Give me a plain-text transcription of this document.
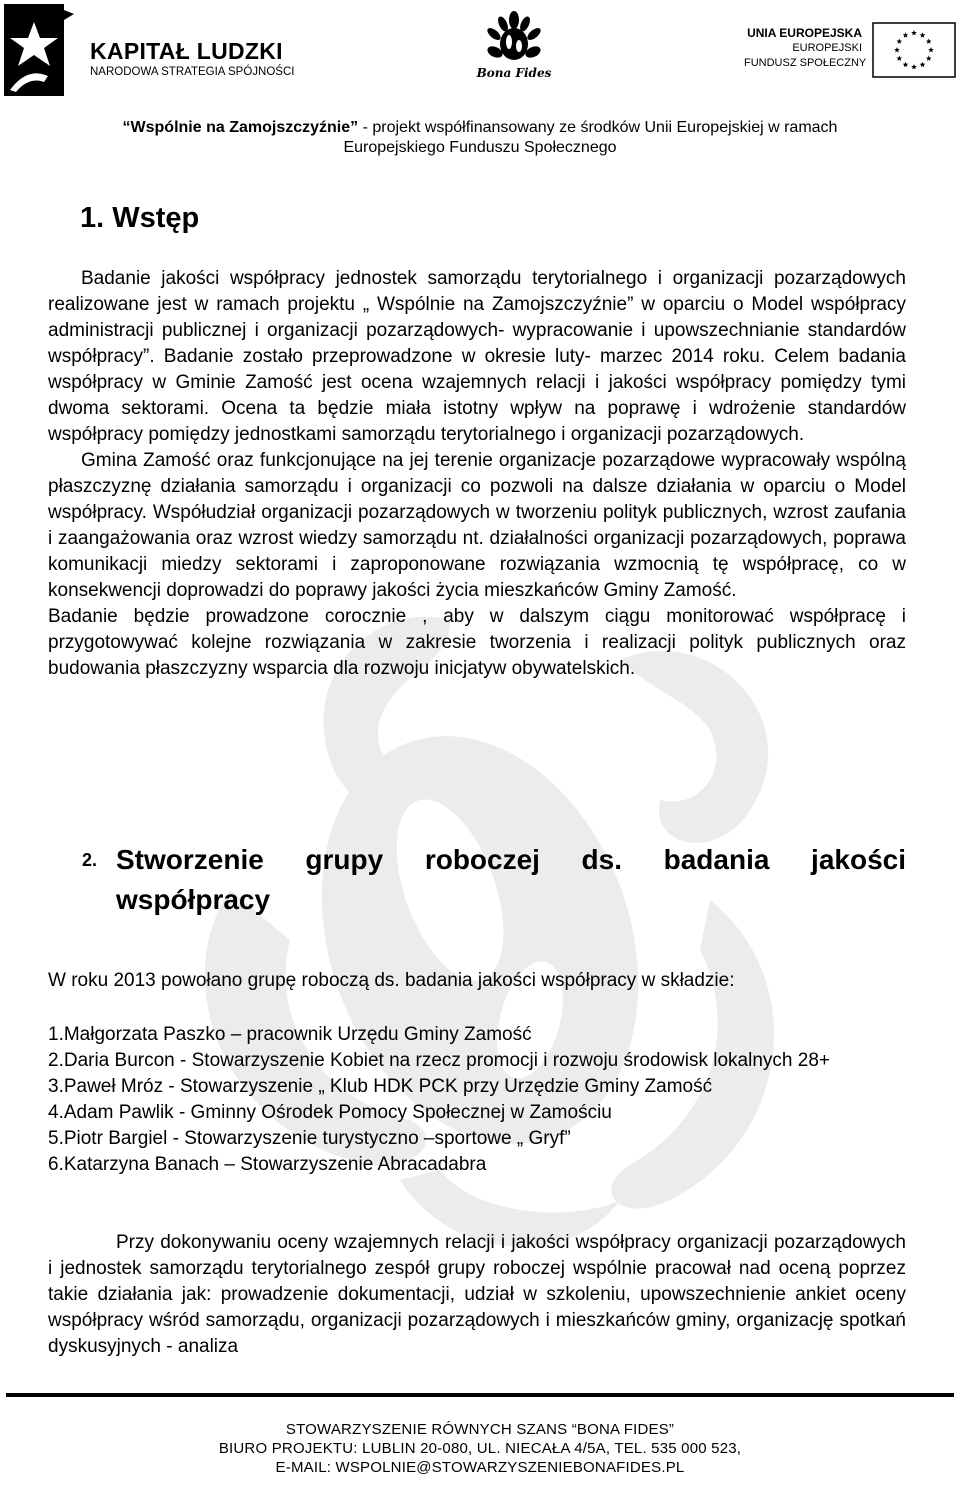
KAPITAŁ LUDZKI
NARODOWA STRATEGIA SPÓJNOŚCI	Bona Fides
UNIA EUROPEJSKA
EUROPEJSKI
FUNDUSZ SPOŁECZNY
“Wspólnie na Zamojszczyźnie” - projekt współfinansowany ze środków Unii Europejskiej w ramach
Europejskiego Funduszu Społecznego
1. Wstęp

Badanie jakości współpracy jednostek samorządu terytorialnego i organizacji pozarządowych realizowane jest w ramach projektu „ Wspólnie na Zamojszczyźnie” w oparciu o Model współpracy administracji publicznej i organizacji pozarządowych- wypracowanie i upowszechnianie standardów współpracy”. Badanie zostało przeprowadzone w okresie luty- marzec 2014 roku. Celem badania współpracy w Gminie Zamość jest ocena wzajemnych relacji i jakości współpracy pomiędzy tymi dwoma sektorami. Ocena ta będzie miała istotny wpływ na poprawę i wdrożenie standardów współpracy pomiędzy jednostkami samorządu terytorialnego i organizacji pozarządowych.

Gmina Zamość oraz funkcjonujące na jej terenie organizacje pozarządowe wypracowały wspólną płaszczyznę działania samorządu i organizacji co pozwoli na dalsze działania w oparciu o Model współpracy. Współudział organizacji pozarządowych w tworzeniu polityk publicznych, wzrost zaufania i zaangażowania oraz wzrost wiedzy samorządu nt. działalności organizacji pozarządowych, poprawa komunikacji miedzy sektorami i zaproponowane rozwiązania wzmocnią tę współpracę, co w konsekwencji doprowadzi do poprawy jakości życia mieszkańców Gminy Zamość.

Badanie będzie prowadzone corocznie , aby w dalszym ciągu monitorować współpracę i przygotowywać kolejne rozwiązania w zakresie tworzenia i realizacji polityk publicznych oraz budowania płaszczyzny wsparcia dla rozwoju inicjatyw obywatelskich.

2. Stworzenie grupy roboczej ds. badania jakości
współpracy
W roku 2013 powołano grupę roboczą ds. badania jakości współpracy w składzie:

1.Małgorzata Paszko – pracownik Urzędu Gminy Zamość

2.Daria Burcon - Stowarzyszenie Kobiet na rzecz promocji i rozwoju środowisk lokalnych 28+

3.Paweł Mróz - Stowarzyszenie „ Klub HDK PCK przy Urzędzie Gminy Zamość

4.Adam Pawlik - Gminny Ośrodek Pomocy Społecznej w Zamościu

5.Piotr Bargiel - Stowarzyszenie turystyczno –sportowe „ Gryf”

6.Katarzyna Banach – Stowarzyszenie Abracadabra

Przy dokonywaniu oceny wzajemnych relacji i jakości współpracy organizacji pozarządowych i jednostek samorządu terytorialnego zespół grupy roboczej wspólnie pracował nad oceną poprzez takie działania jak: prowadzenie dokumentacji, udział w szkoleniu, upowszechnienie ankiet oceny współpracy wśród samorządu, organizacji pozarządowych i mieszkańców gminy, organizację spotkań dyskusyjnych - analiza

STOWARZYSZENIE RÓWNYCH SZANS “BONA FIDES”

BIURO PROJEKTU: LUBLIN 20-080, UL. NIECAŁA 4/5A, TEL. 535 000 523,

E-MAIL: WSPOLNIE@STOWARZYSZENIEBONAFIDES.PL
